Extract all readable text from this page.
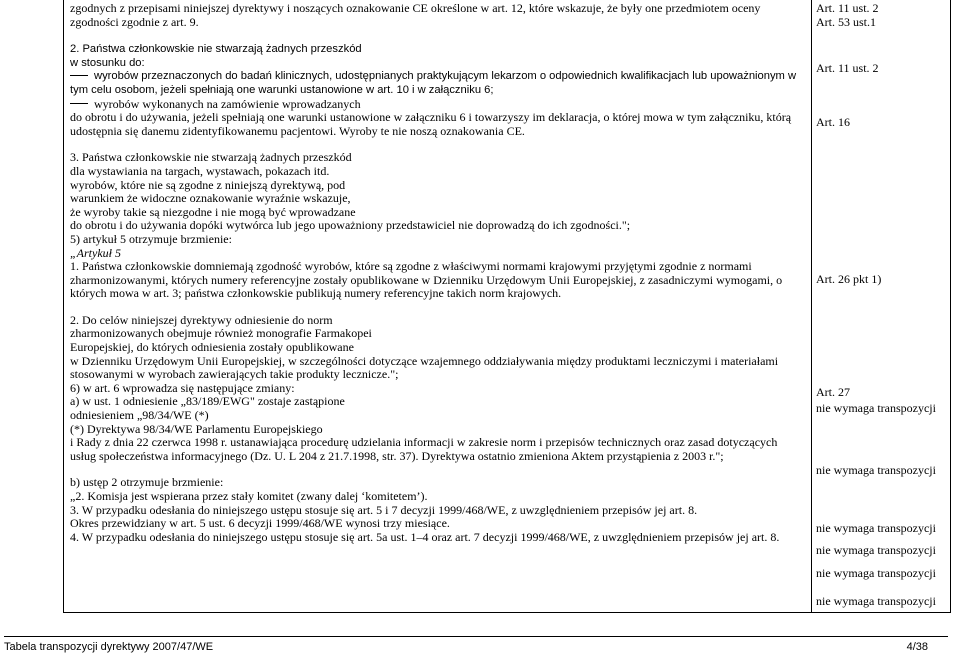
zgodnych z przepisami niniejszej dyrektywy i noszących oznakowanie CE określone w art. 12, które wskazuje, że były one przedmiotem oceny zgodności zgodnie z art. 9.

2. Państwa członkowskie nie stwarzają żadnych przeszkód

w stosunku do:

wyrobów przeznaczonych do badań klinicznych, udostępnianych praktykującym lekarzom o odpowiednich kwalifikacjach lub upoważnionym w tym celu osobom, jeżeli spełniają one warunki ustanowione w art. 10 i w załączniku 6;

wyrobów wykonanych na zamówienie wprowadzanych

do obrotu i do używania, jeżeli spełniają one warunki ustanowione w załączniku 6 i towarzyszy im deklaracja, o której mowa w tym załączniku, którą udostępnia się danemu zidentyfikowanemu pacjentowi. Wyroby te nie noszą oznakowania CE.

3. Państwa członkowskie nie stwarzają żadnych przeszkód

dla wystawiania na targach, wystawach, pokazach itd.

wyrobów, które nie są zgodne z niniejszą dyrektywą, pod

warunkiem że widoczne oznakowanie wyraźnie wskazuje,

że wyroby takie są niezgodne i nie mogą być wprowadzane

do obrotu i do używania dopóki wytwórca lub jego upoważniony przedstawiciel nie doprowadzą do ich zgodności.";

5) artykuł 5 otrzymuje brzmienie:

„Artykuł 5

1. Państwa członkowskie domniemają zgodność wyrobów, które są zgodne z właściwymi normami krajowymi przyjętymi zgodnie z normami zharmonizowanymi, których numery referencyjne zostały opublikowane w Dzienniku Urzędowym Unii Europejskiej, z zasadniczymi wymogami, o których mowa w art. 3; państwa członkowskie publikują numery referencyjne takich norm krajowych.

2. Do celów niniejszej dyrektywy odniesienie do norm

zharmonizowanych obejmuje również monografie Farmakopei

Europejskiej, do których odniesienia zostały opublikowane

w Dzienniku Urzędowym Unii Europejskiej, w szczególności dotyczące wzajemnego oddziaływania między produktami leczniczymi i materiałami stosowanymi w wyrobach zawierających takie produkty lecznicze.";

6) w art. 6 wprowadza się następujące zmiany:

a) w ust. 1 odniesienie „83/189/EWG" zostaje zastąpione

odniesieniem „98/34/WE (*)

(*) Dyrektywa 98/34/WE Parlamentu Europejskiego

i Rady z dnia 22 czerwca 1998 r. ustanawiająca procedurę udzielania informacji w zakresie norm i przepisów technicznych oraz zasad dotyczących usług społeczeństwa informacyjnego (Dz. U. L 204 z 21.7.1998, str. 37). Dyrektywa ostatnio zmieniona Aktem przystąpienia z 2003 r.";

b) ustęp 2 otrzymuje brzmienie:

„2. Komisja jest wspierana przez stały komitet (zwany dalej ‘komitetem’).

3. W przypadku odesłania do niniejszego ustępu stosuje się art. 5 i 7 decyzji 1999/468/WE, z uwzględnieniem przepisów jej art. 8.

Okres przewidziany w art. 5 ust. 6 decyzji 1999/468/WE wynosi trzy miesiące.

4. W przypadku odesłania do niniejszego ustępu stosuje się art. 5a ust. 1–4 oraz art. 7 decyzji 1999/468/WE, z uwzględnieniem przepisów jej art. 8.

Art. 11 ust. 2
Art. 53 ust.1
Art. 11 ust. 2
Art. 16
Art. 26 pkt 1)
Art. 27
nie wymaga transpozycji
nie wymaga transpozycji
nie wymaga transpozycji
nie wymaga transpozycji
nie wymaga transpozycji
nie wymaga transpozycji
Tabela transpozycji dyrektywy 2007/47/WE	4/38
